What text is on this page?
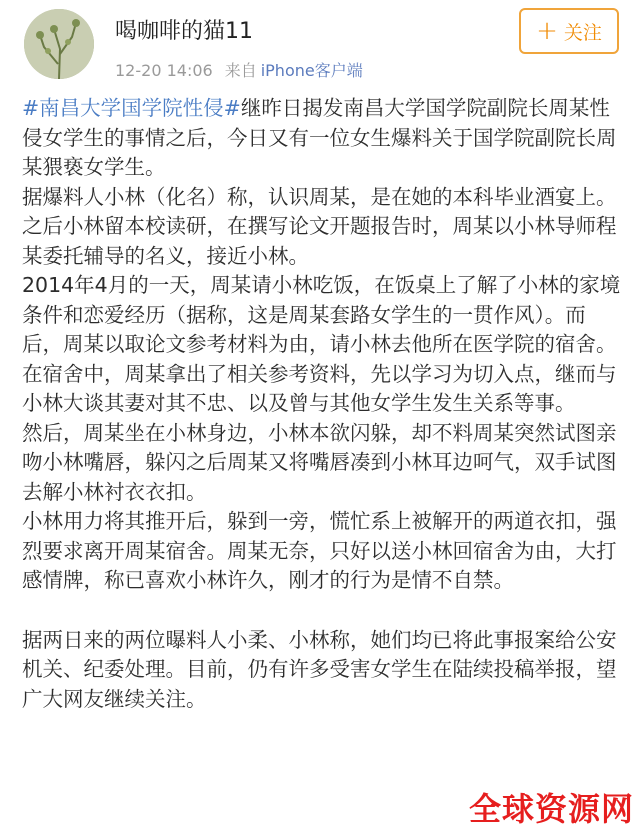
喝咖啡的猫11
12-20 14:06 来自 iPhone客户端
+ 关注

#南昌大学国学院性侵#继昨日揭发南昌大学国学院副院长周某性侵女学生的事情之后，今日又有一位女生爆料关于国学院副院长周某猥亵女学生。

据爆料人小林（化名）称，认识周某，是在她的本科毕业酒宴上。之后小林留本校读研，在撰写论文开题报告时，周某以小林导师程某委托辅导的名义，接近小林。

2014年4月的一天，周某请小林吃饭，在饭桌上了解了小林的家境条件和恋爱经历（据称，这是周某套路女学生的一贯作风）。而后，周某以取论文参考材料为由，请小林去他所在医学院的宿舍。

在宿舍中，周某拿出了相关参考资料，先以学习为切入点，继而与小林大谈其妻对其不忠、以及曾与其他女学生发生关系等事。

然后，周某坐在小林身边，小林本欲闪躲，却不料周某突然试图亲吻小林嘴唇，躲闪之后周某又将嘴唇凑到小林耳边呵气，双手试图去解小林衬衣衣扣。

小林用力将其推开后，躲到一旁，慌忙系上被解开的两道衣扣，强烈要求离开周某宿舍。周某无奈，只好以送小林回宿舍为由，大打感情牌，称已喜欢小林许久，刚才的行为是情不自禁。

据两日来的两位曝料人小柔、小林称，她们均已将此事报案给公安机关、纪委处理。目前，仍有许多受害女学生在陆续投稿举报，望广大网友继续关注。

全球资源网
